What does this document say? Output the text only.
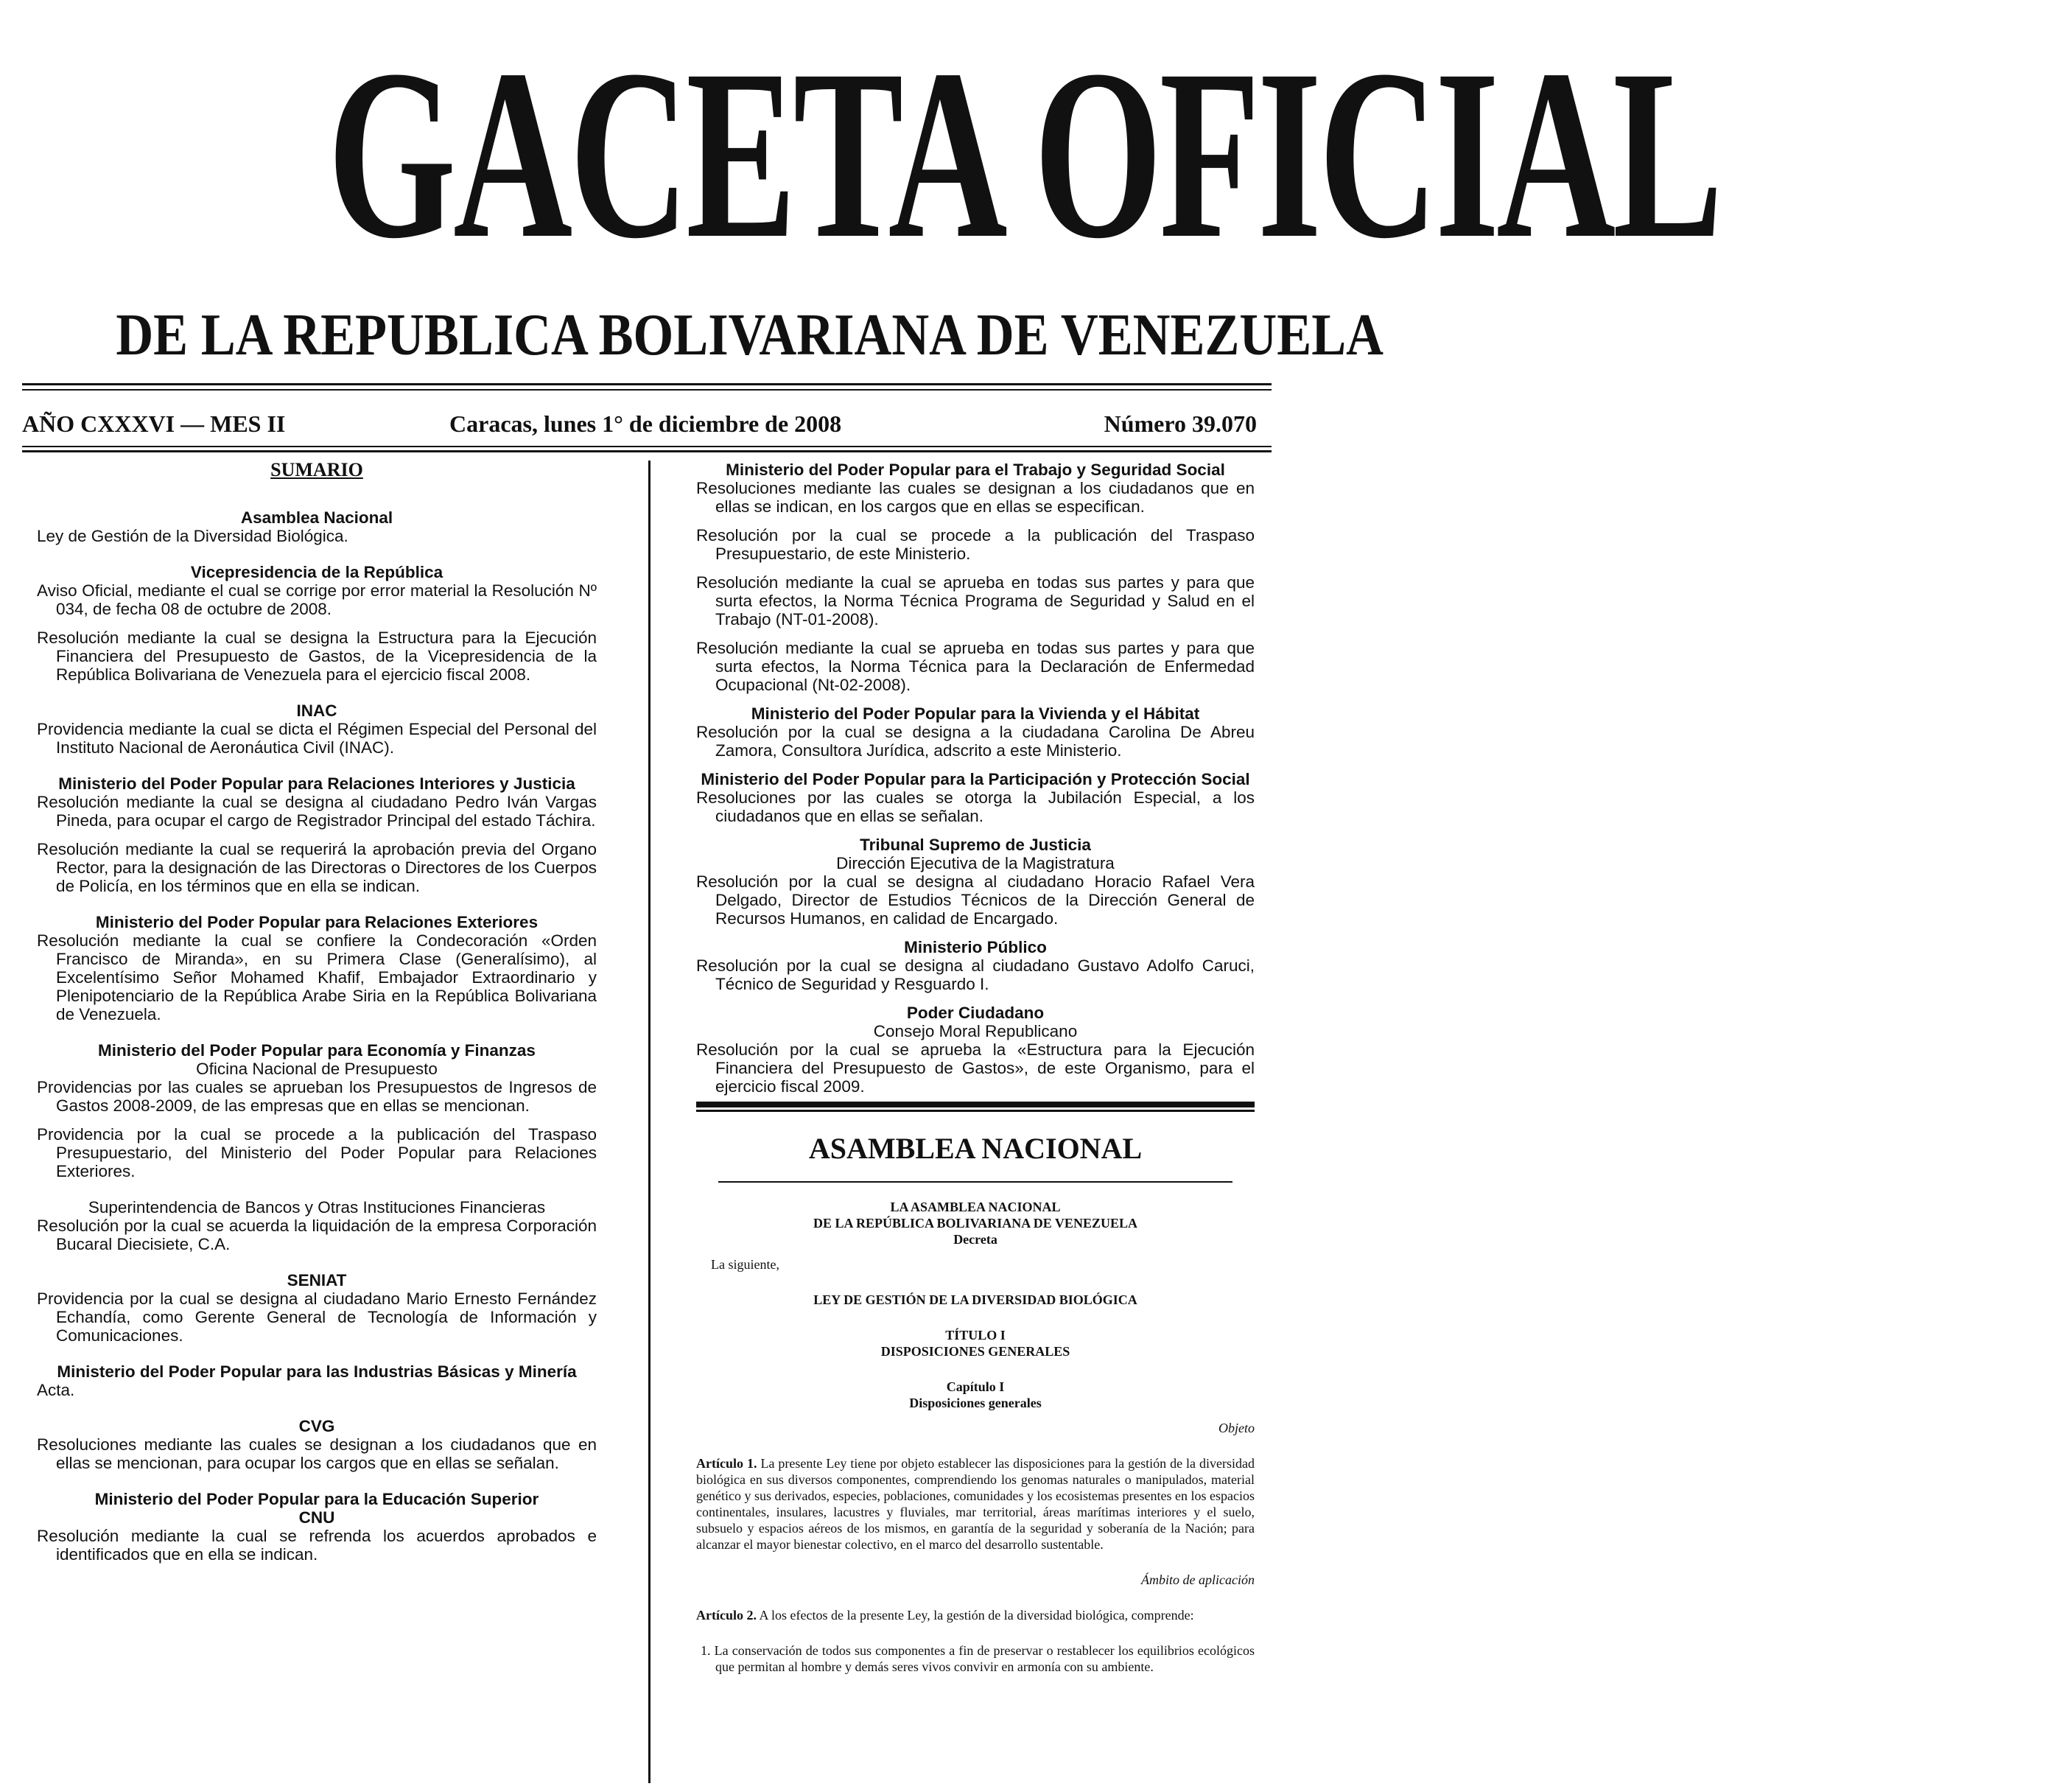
GACETA OFICIAL
DE LA REPUBLICA BOLIVARIANA DE VENEZUELA
AÑO CXXXVI — MES II	Caracas, lunes 1° de diciembre de 2008	Número 39.070
SUMARIO

Asamblea Nacional

Ley de Gestión de la Diversidad Biológica.

Vicepresidencia de la República

Aviso Oficial, mediante el cual se corrige por error material la Resolución Nº 034, de fecha 08 de octubre de 2008.
Resolución mediante la cual se designa la Estructura para la Ejecución Financiera del Presupuesto de Gastos, de la Vicepresidencia de la República Bolivariana de Venezuela para el ejercicio fiscal 2008.

INAC

Providencia mediante la cual se dicta el Régimen Especial del Personal del Instituto Nacional de Aeronáutica Civil (INAC).

Ministerio del Poder Popular para Relaciones Interiores y Justicia

Resolución mediante la cual se designa al ciudadano Pedro Iván Vargas Pineda, para ocupar el cargo de Registrador Principal del estado Táchira.
Resolución mediante la cual se requerirá la aprobación previa del Organo Rector, para la designación de las Directoras o Directores de los Cuerpos de Policía, en los términos que en ella se indican.

Ministerio del Poder Popular para Relaciones Exteriores

Resolución mediante la cual se confiere la Condecoración «Orden Francisco de Miranda», en su Primera Clase (Generalísimo), al Excelentísimo Señor Mohamed Khafif, Embajador Extraordinario y Plenipotenciario de la República Arabe Siria en la República Bolivariana de Venezuela.

Ministerio del Poder Popular para Economía y Finanzas

Oficina Nacional de Presupuesto

Providencias por las cuales se aprueban los Presupuestos de Ingresos de Gastos 2008-2009, de las empresas que en ellas se mencionan.
Providencia por la cual se procede a la publicación del Traspaso Presupuestario, del Ministerio del Poder Popular para Relaciones Exteriores.

Superintendencia de Bancos y Otras Instituciones Financieras

Resolución por la cual se acuerda la liquidación de la empresa Corporación Bucaral Diecisiete, C.A.

SENIAT

Providencia por la cual se designa al ciudadano Mario Ernesto Fernández Echandía, como Gerente General de Tecnología de Información y Comunicaciones.

Ministerio del Poder Popular para las Industrias Básicas y Minería

Acta.

CVG

Resoluciones mediante las cuales se designan a los ciudadanos que en ellas se mencionan, para ocupar los cargos que en ellas se señalan.

Ministerio del Poder Popular para la Educación Superior

CNU

Resolución mediante la cual se refrenda los acuerdos aprobados e identificados que en ella se indican.

Ministerio del Poder Popular para el Trabajo y Seguridad Social

Resoluciones mediante las cuales se designan a los ciudadanos que en ellas se indican, en los cargos que en ellas se especifican.
Resolución por la cual se procede a la publicación del Traspaso Presupuestario, de este Ministerio.
Resolución mediante la cual se aprueba en todas sus partes y para que surta efectos, la Norma Técnica Programa de Seguridad y Salud en el Trabajo (NT-01-2008).
Resolución mediante la cual se aprueba en todas sus partes y para que surta efectos, la Norma Técnica para la Declaración de Enfermedad Ocupacional (Nt-02-2008).

Ministerio del Poder Popular para la Vivienda y el Hábitat

Resolución por la cual se designa a la ciudadana Carolina De Abreu Zamora, Consultora Jurídica, adscrito a este Ministerio.

Ministerio del Poder Popular para la Participación y Protección Social

Resoluciones por las cuales se otorga la Jubilación Especial, a los ciudadanos que en ellas se señalan.

Tribunal Supremo de Justicia

Dirección Ejecutiva de la Magistratura

Resolución por la cual se designa al ciudadano Horacio Rafael Vera Delgado, Director de Estudios Técnicos de la Dirección General de Recursos Humanos, en calidad de Encargado.

Ministerio Público

Resolución por la cual se designa al ciudadano Gustavo Adolfo Caruci, Técnico de Seguridad y Resguardo I.

Poder Ciudadano

Consejo Moral Republicano

Resolución por la cual se aprueba la «Estructura para la Ejecución Financiera del Presupuesto de Gastos», de este Organismo, para el ejercicio fiscal 2009.
ASAMBLEA NACIONAL

LA ASAMBLEA NACIONAL

DE LA REPÚBLICA BOLIVARIANA DE VENEZUELA

Decreta

La siguiente,

LEY DE GESTIÓN DE LA DIVERSIDAD BIOLÓGICA

TÍTULO I

DISPOSICIONES GENERALES

Capítulo I

Disposiciones generales

Objeto

Artículo 1. La presente Ley tiene por objeto establecer las disposiciones para la gestión de la diversidad biológica en sus diversos componentes, comprendiendo los genomas naturales o manipulados, material genético y sus derivados, especies, poblaciones, comunidades y los ecosistemas presentes en los espacios continentales, insulares, lacustres y fluviales, mar territorial, áreas marítimas interiores y el suelo, subsuelo y espacios aéreos de los mismos, en garantía de la seguridad y soberanía de la Nación; para alcanzar el mayor bienestar colectivo, en el marco del desarrollo sustentable.

Ámbito de aplicación

Artículo 2. A los efectos de la presente Ley, la gestión de la diversidad biológica, comprende:

1. La conservación de todos sus componentes a fin de preservar o restablecer los equilibrios ecológicos que permitan al hombre y demás seres vivos convivir en armonía con su ambiente.
